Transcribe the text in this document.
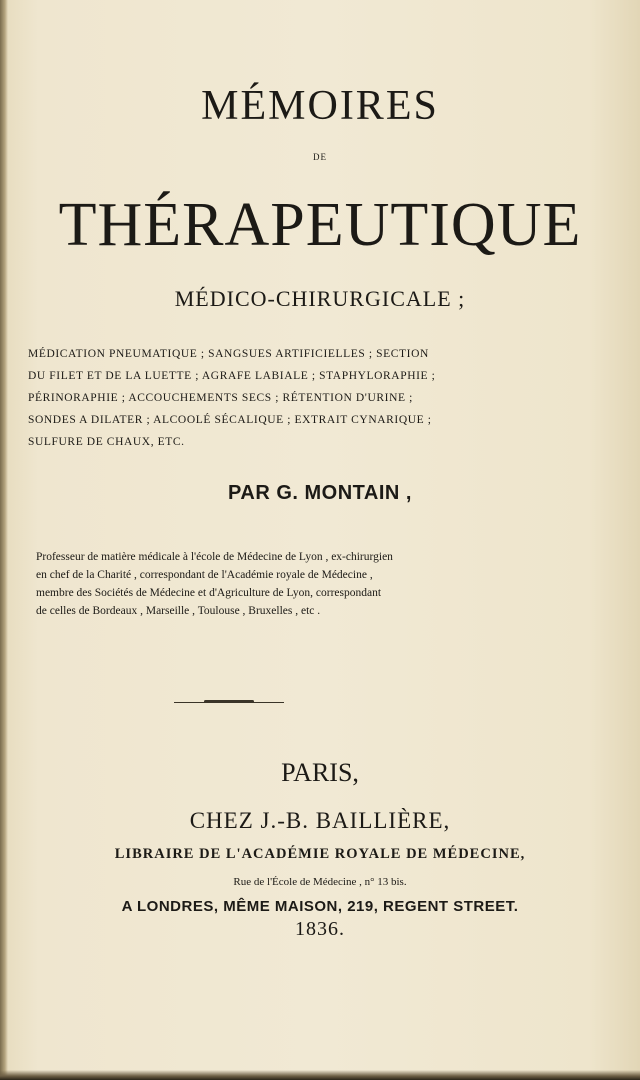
MÉMOIRES
DE
THÉRAPEUTIQUE
MÉDICO-CHIRURGICALE ;
MÉDICATION PNEUMATIQUE ; SANGSUES ARTIFICIELLES ; SECTION
DU FILET ET DE LA LUETTE ; AGRAFE LABIALE ; STAPHYLORAPHIE ;
PÉRINORAPHIE ; ACCOUCHEMENTS SECS ; RÉTENTION D'URINE ;
SONDES A DILATER ; ALCOOLÉ SÉCALIQUE ; EXTRAIT CYNARIQUE ;
SULFURE DE CHAUX, ETC.
PAR G. MONTAIN ,
Professeur de matière médicale à l'école de Médecine de Lyon , ex-chirurgien
en chef de la Charité , correspondant de l'Académie royale de Médecine ,
membre des Sociétés de Médecine et d'Agriculture de Lyon, correspondant
de celles de Bordeaux , Marseille , Toulouse , Bruxelles , etc .
PARIS,
CHEZ J.-B. BAILLIÈRE,
LIBRAIRE DE L'ACADÉMIE ROYALE DE MÉDECINE,
Rue de l'École de Médecine , n° 13 bis.
A LONDRES, MÊME MAISON, 219, REGENT STREET.
1836.
